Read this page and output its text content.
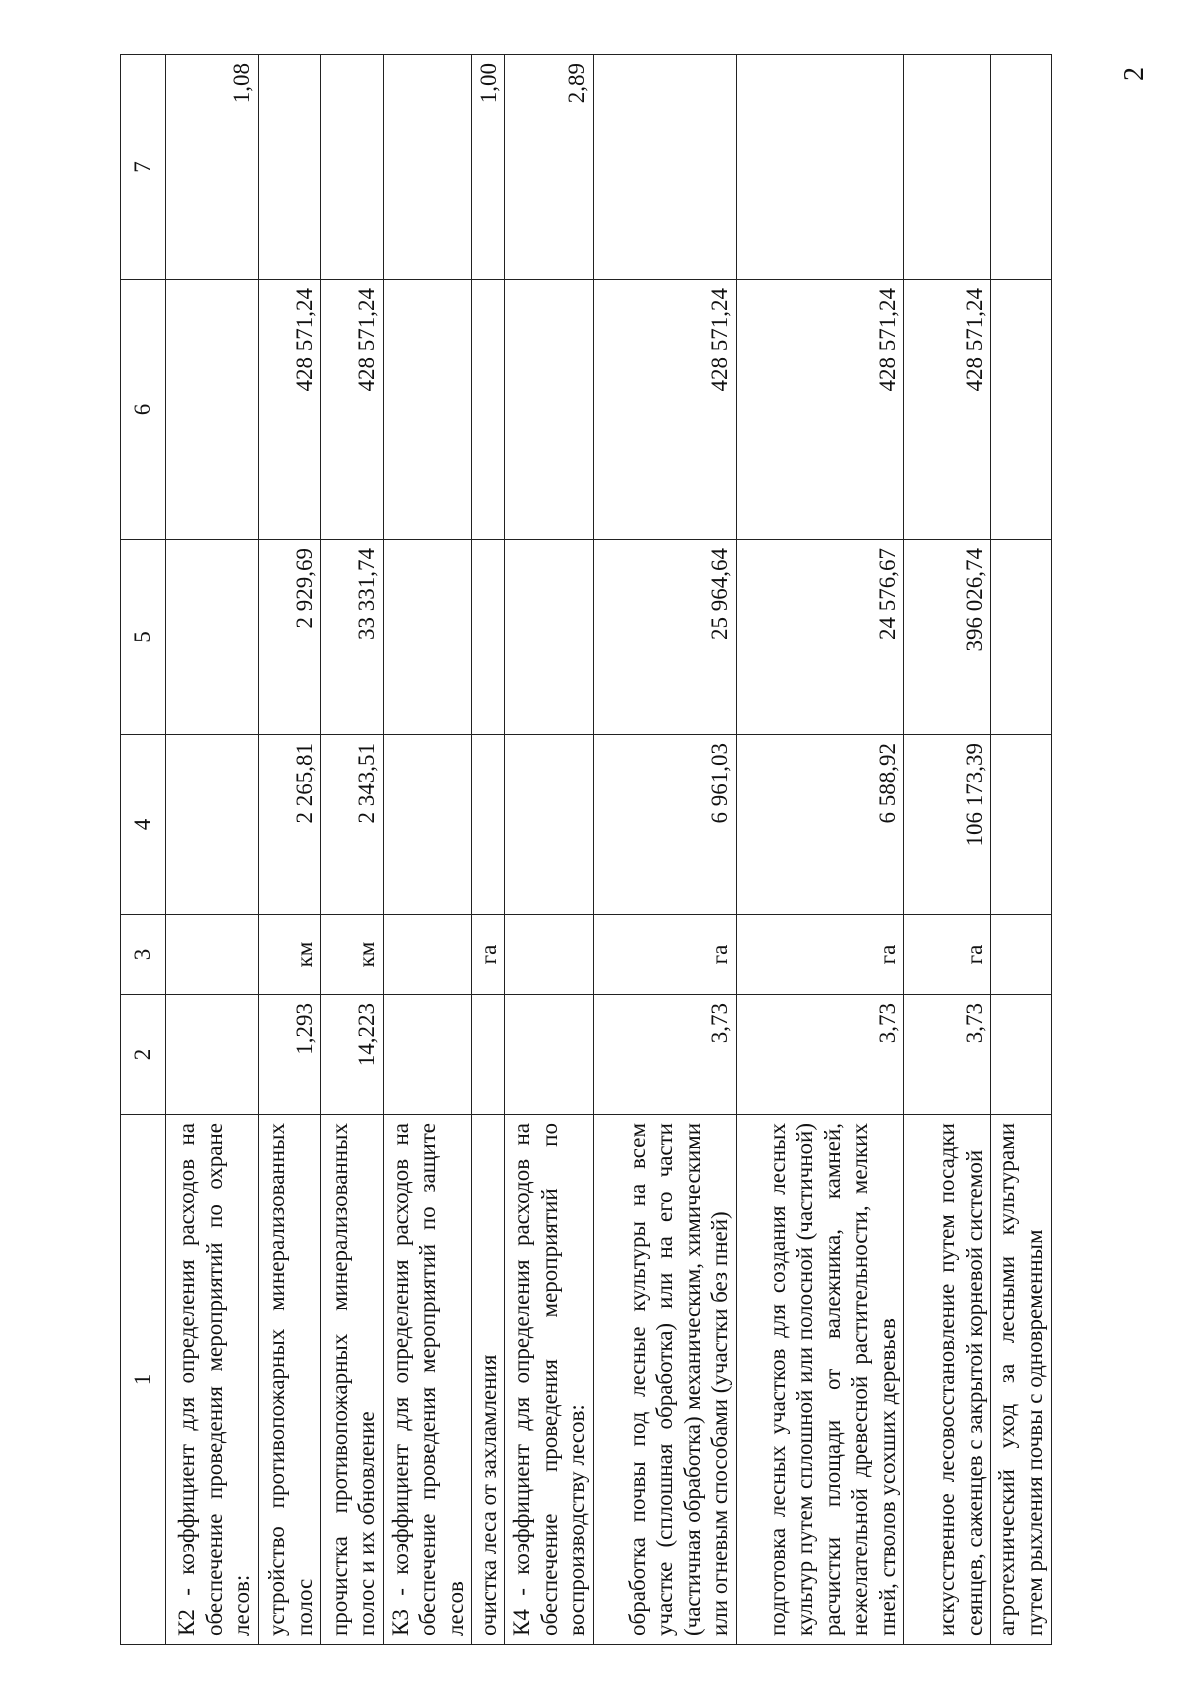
2
1	2	3	4	5	6	7
К2 - коэффициент для определения расходов на обеспечение проведения мероприятий по охране лесов:						1,08
устройство противопожарных минерализованных полос	1,293	км	2 265,81	2 929,69	428 571,24	
прочистка противопожарных минерализованных полос и их обновление	14,223	км	2 343,51	33 331,74	428 571,24	
К3 - коэффициент для определения расходов на обеспечение проведения мероприятий по защите лесов						
очистка леса от захламления		га				1,00
К4 - коэффициент для определения расходов на обеспечение проведения мероприятий по воспроизводству лесов:						2,89
обработка почвы под лесные культуры на всем участке (сплошная обработка) или на его части (частичная обработка) механическим, химическими или огневым способами (участки без пней)	3,73	га	6 961,03	25 964,64	428 571,24	
подготовка лесных участков для создания лесных культур путем сплошной или полосной (частичной) расчистки площади от валежника, камней, нежелательной древесной растительности, мелких пней, стволов усохших деревьев	3,73	га	6 588,92	24 576,67	428 571,24	
искусственное лесовосстановление путем посадки сеянцев, саженцев с закрытой корневой системой	3,73	га	106 173,39	396 026,74	428 571,24	
агротехнический уход за лесными культурами путем рыхления почвы с одновременным						
